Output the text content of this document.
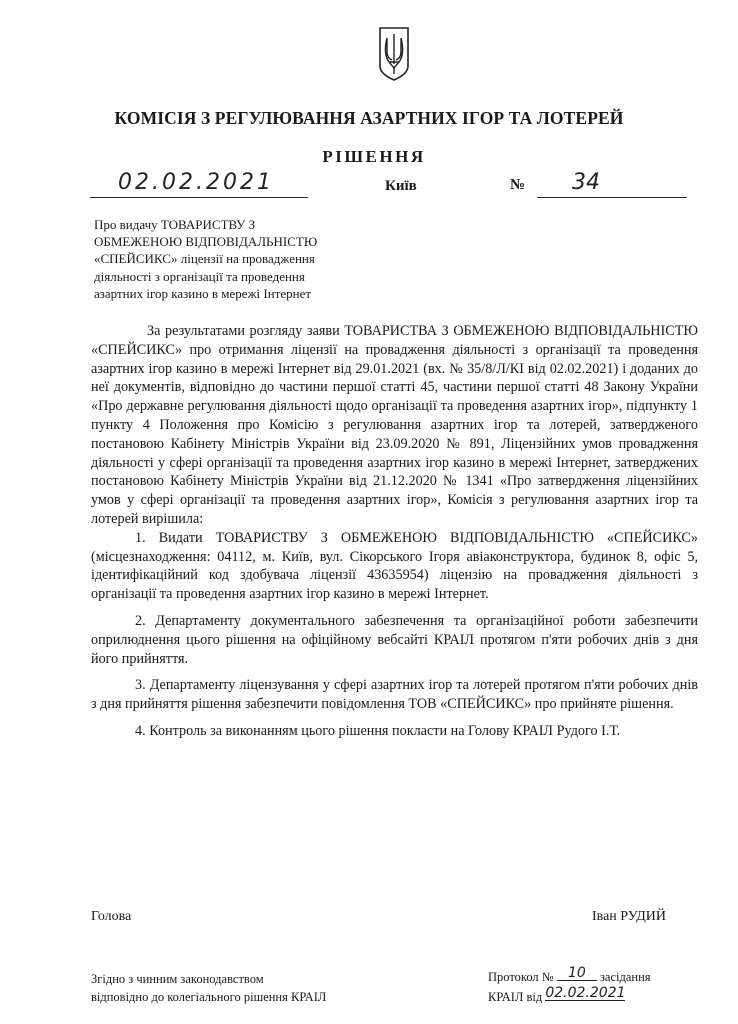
КОМІСІЯ З РЕГУЛЮВАННЯ АЗАРТНИХ ІГОР ТА ЛОТЕРЕЙ
РІШЕННЯ
02.02.2021	Київ	№ 34
Про видачу ТОВАРИСТВУ З
ОБМЕЖЕНОЮ ВІДПОВІДАЛЬНІСТЮ
«СПЕЙСИКС» ліцензії на провадження
діяльності з організації та проведення
азартних ігор казино в мережі Інтернет

За результатами розгляду заяви ТОВАРИСТВА З ОБМЕЖЕНОЮ ВІДПОВІДАЛЬНІСТЮ «СПЕЙСИКС» про отримання ліцензії на провадження діяльності з організації та проведення азартних ігор казино в мережі Інтернет від 29.01.2021 (вх. № 35/8/Л/КІ від 02.02.2021) і доданих до неї документів, відповідно до частини першої статті 45, частини першої статті 48 Закону України «Про державне регулювання діяльності щодо організації та проведення азартних ігор», підпункту 1 пункту 4 Положення про Комісію з регулювання азартних ігор та лотерей, затвердженого постановою Кабінету Міністрів України від 23.09.2020 № 891, Ліцензійних умов провадження діяльності у сфері організації та проведення азартних ігор казино в мережі Інтернет, затверджених постановою Кабінету Міністрів України від 21.12.2020 № 1341 «Про затвердження ліцензійних умов у сфері організації та проведення азартних ігор», Комісія з регулювання азартних ігор та лотерей вирішила:

1. Видати ТОВАРИСТВУ З ОБМЕЖЕНОЮ ВІДПОВІДАЛЬНІСТЮ «СПЕЙСИКС» (місцезнаходження: 04112, м. Київ, вул. Сікорського Ігоря авіаконструктора, будинок 8, офіс 5, ідентифікаційний код здобувача ліцензії 43635954) ліцензію на провадження діяльності з організації та проведення азартних ігор казино в мережі Інтернет.

2. Департаменту документального забезпечення та організаційної роботи забезпечити оприлюднення цього рішення на офіційному вебсайті КРАІЛ протягом п'яти робочих днів з дня його прийняття.

3. Департаменту ліцензування у сфері азартних ігор та лотерей протягом п'яти робочих днів з дня прийняття рішення забезпечити повідомлення ТОВ «СПЕЙСИКС» про прийняте рішення.

4. Контроль за виконанням цього рішення покласти на Голову КРАІЛ Рудого І.Т.

Голова	Іван РУДИЙ
Згідно з чинним законодавством
відповідно до колегіального рішення КРАІЛ
Протокол №	10	засідання
КРАІЛ від 02.02.2021
